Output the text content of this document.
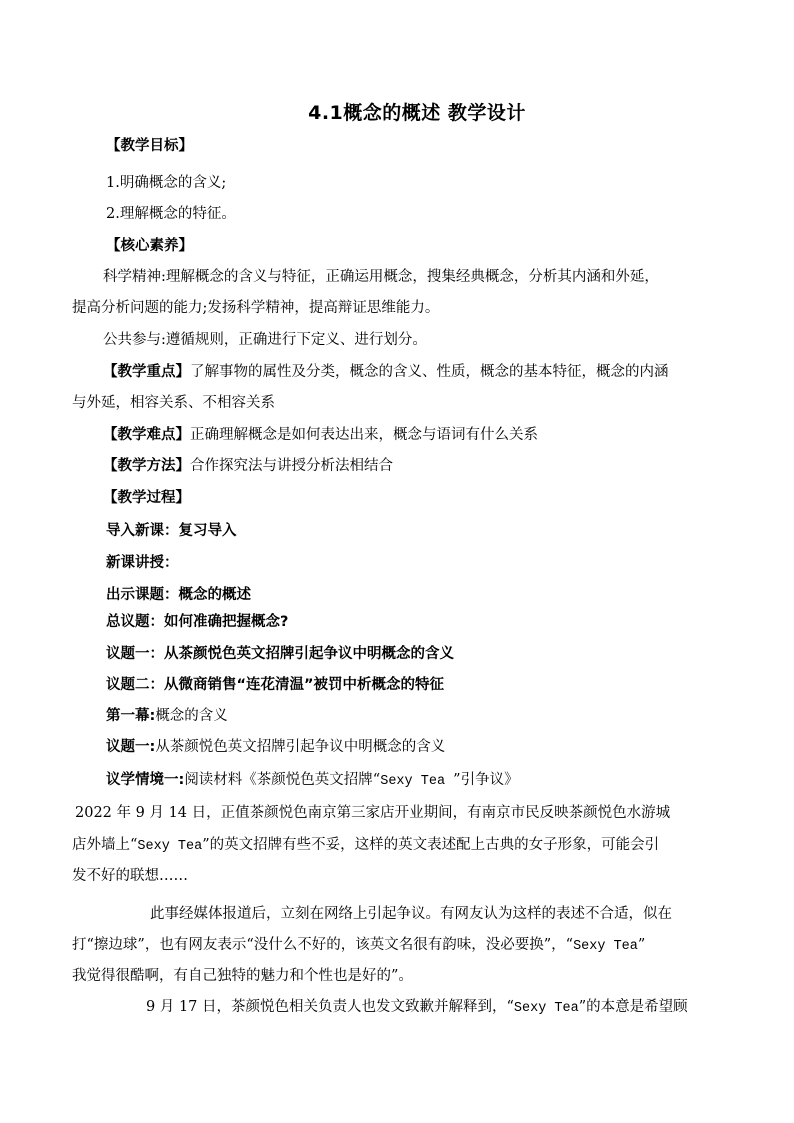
4.1概念的概述 教学设计
【教学目标】
1.明确概念的含义;
2.理解概念的特征。
【核心素养】
科学精神:理解概念的含义与特征，正确运用概念，搜集经典概念，分析其内涵和外延，
提高分析问题的能力;发扬科学精神，提高辩证思维能力。
公共参与:遵循规则，正确进行下定义、进行划分。
【教学重点】了解事物的属性及分类，概念的含义、性质，概念的基本特征，概念的内涵
与外延，相容关系、不相容关系
【教学难点】正确理解概念是如何表达出来，概念与语词有什么关系
【教学方法】合作探究法与讲授分析法相结合
【教学过程】
导入新课：复习导入
新课讲授：
出示课题：概念的概述
总议题：如何准确把握概念?
议题一：从茶颜悦色英文招牌引起争议中明概念的含义
议题二：从微商销售“连花清温”被罚中析概念的特征
第一幕:概念的含义
议题一:从茶颜悦色英文招牌引起争议中明概念的含义
议学情境一:阅读材料《茶颜悦色英文招牌“Sexy Tea ”引争议》
2022 年 9 月 14 日，正值茶颜悦色南京第三家店开业期间，有南京市民反映茶颜悦色水游城
店外墙上“Sexy Tea”的英文招牌有些不妥，这样的英文表述配上古典的女子形象，可能会引
发不好的联想……
此事经媒体报道后，立刻在网络上引起争议。有网友认为这样的表述不合适，似在
打“擦边球”，也有网友表示“没什么不好的，该英文名很有韵味，没必要换”，“Sexy Tea”
我觉得很酷啊，有自己独特的魅力和个性也是好的”。
9 月 17 日，茶颜悦色相关负责人也发文致歉并解释到，“Sexy Tea”的本意是希望顾
